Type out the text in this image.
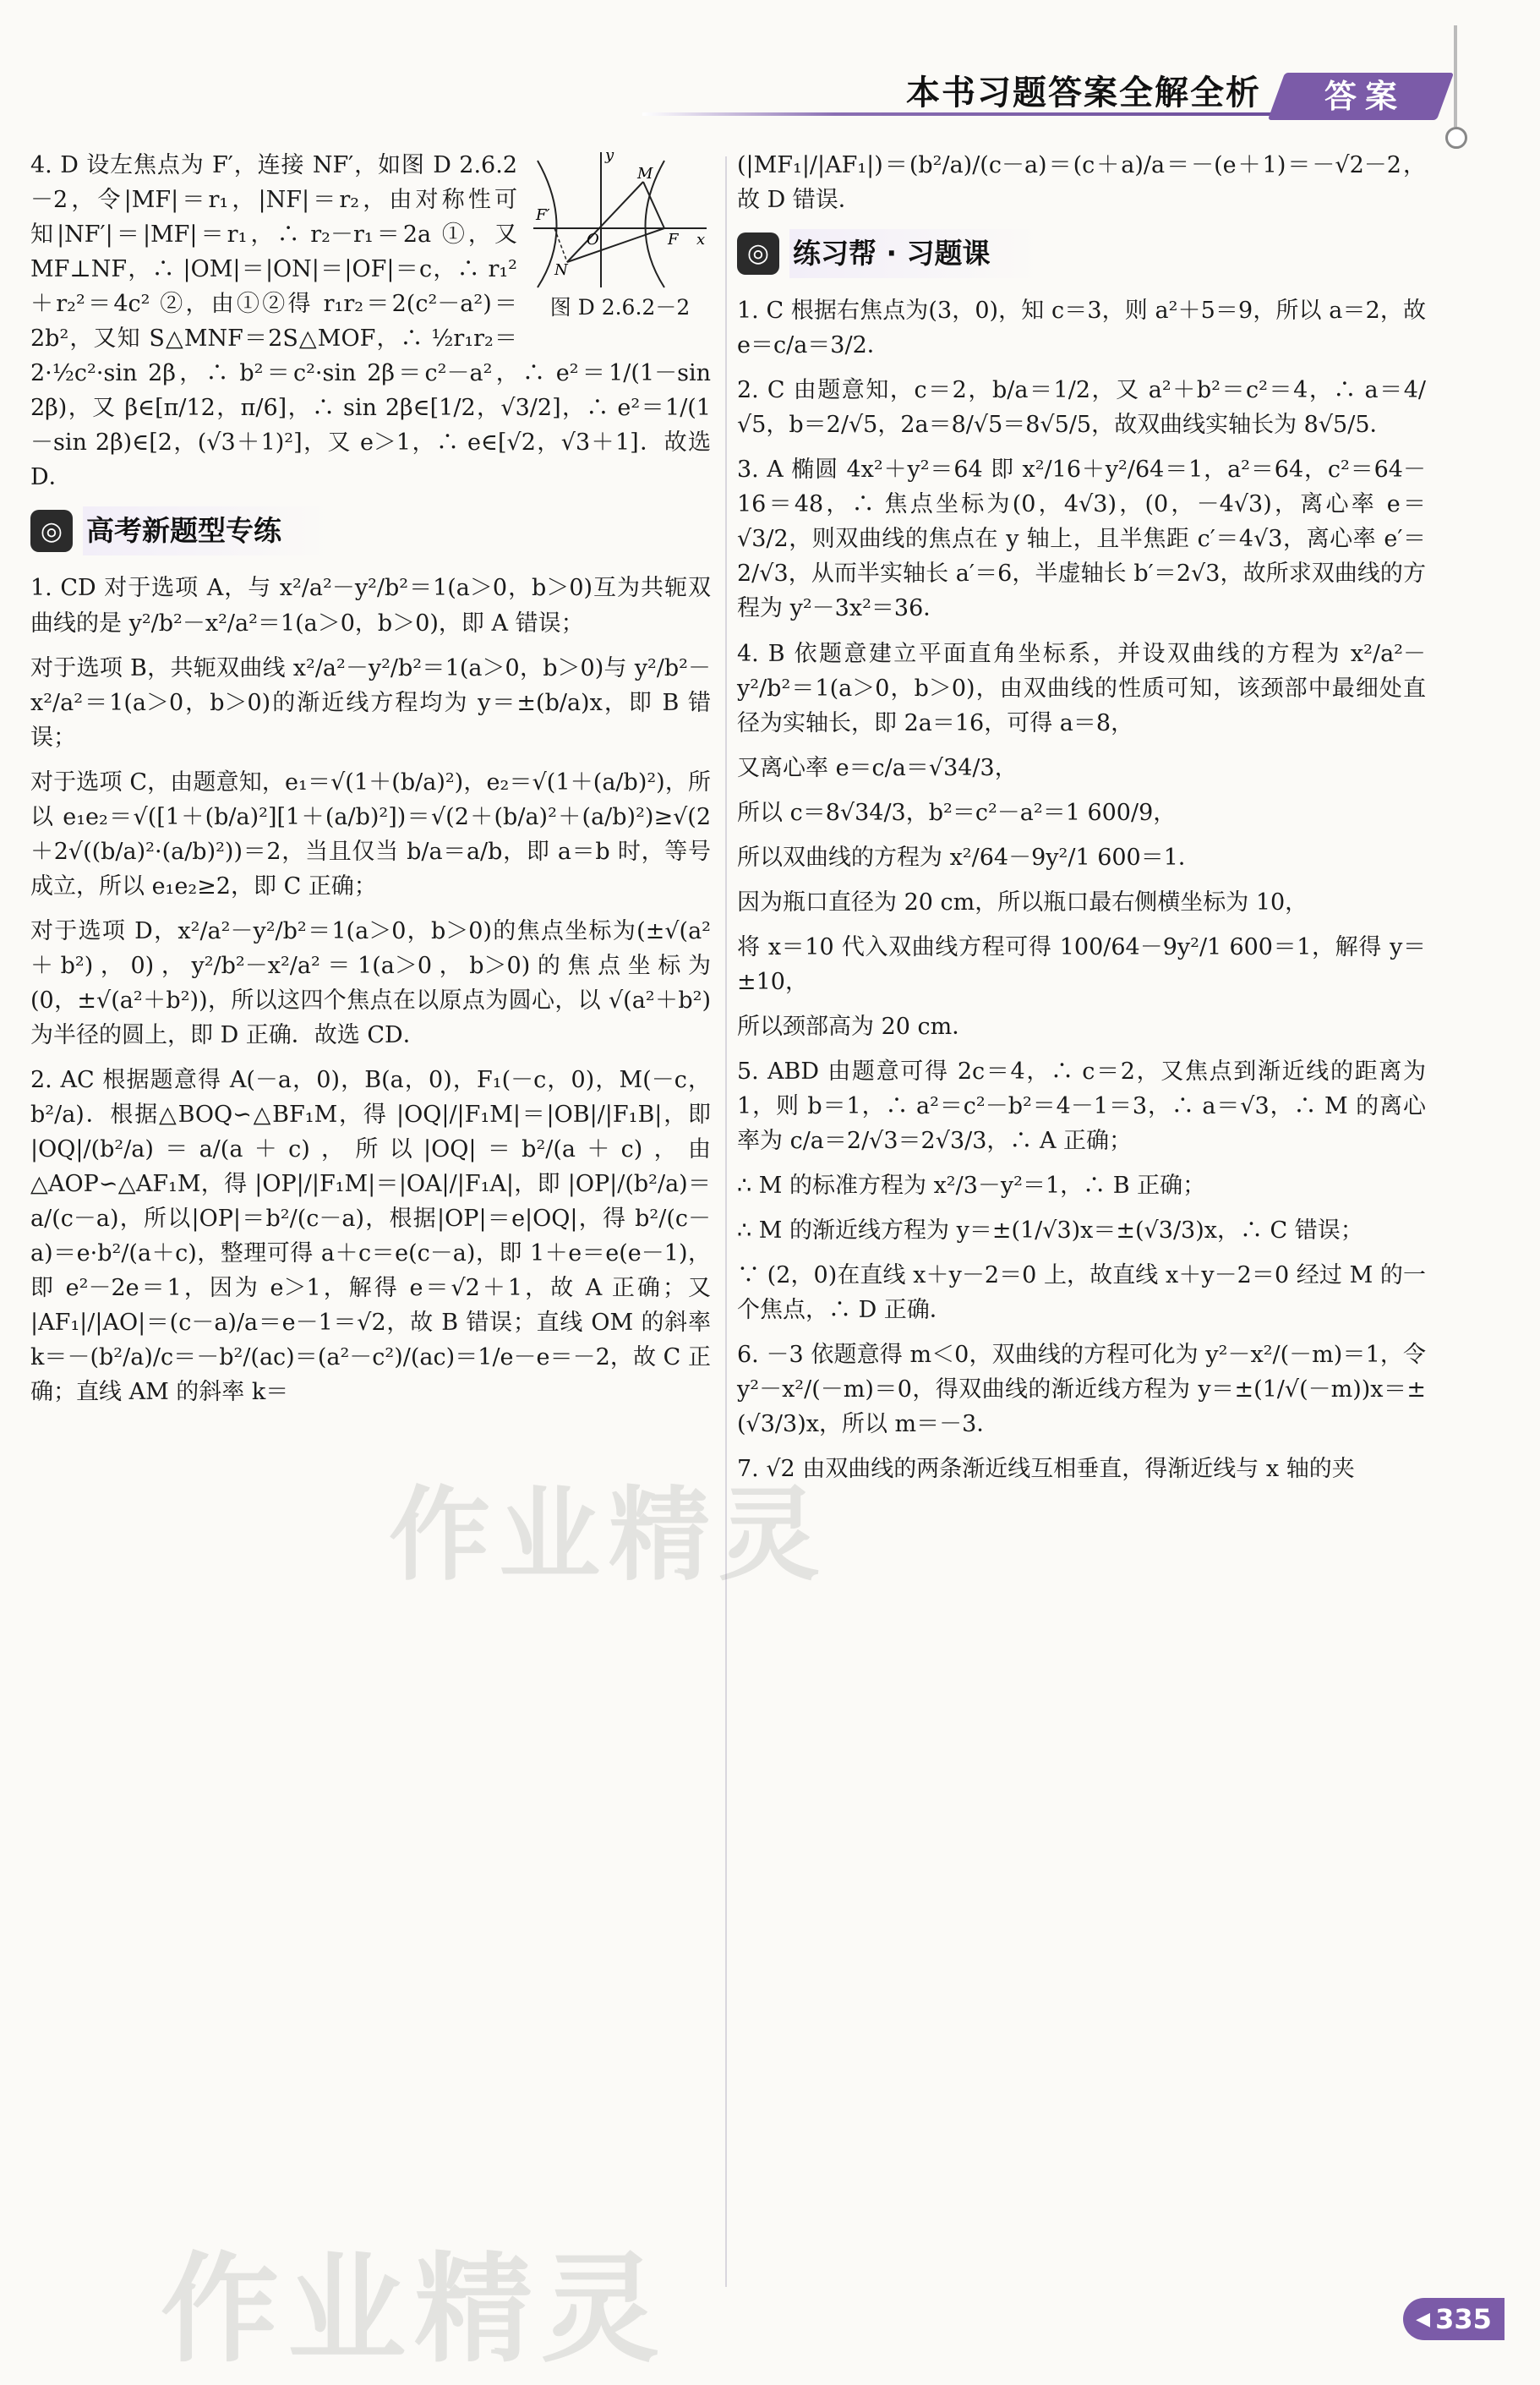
本书习题答案全解全析	答案
y
M
F′
O	F x
N
图 D 2.6.2－2

4. D 设左焦点为 F′，连接 NF′，如图 D 2.6.2－2，令|MF|＝r₁，|NF|＝r₂，由对称性可知|NF′|＝|MF|＝r₁，∴ r₂－r₁＝2a ①，又 MF⊥NF，∴ |OM|＝|ON|＝|OF|＝c，∴ r₁²＋r₂²＝4c² ②，由①②得 r₁r₂＝2(c²－a²)＝2b²，又知 S△MNF＝2S△MOF，∴ ½r₁r₂＝2·½c²·sin 2β，∴ b²＝c²·sin 2β＝c²－a²，∴ e²＝1/(1－sin 2β)，又 β∈[π/12，π/6]，∴ sin 2β∈[1/2，√3/2]，∴ e²＝1/(1－sin 2β)∈[2，(√3＋1)²]，又 e＞1，∴ e∈[√2，√3＋1]．故选 D．

◎ 高考新题型专练

1. CD 对于选项 A，与 x²/a²－y²/b²＝1(a＞0，b＞0)互为共轭双曲线的是 y²/b²－x²/a²＝1(a＞0，b＞0)，即 A 错误；

对于选项 B，共轭双曲线 x²/a²－y²/b²＝1(a＞0，b＞0)与 y²/b²－x²/a²＝1(a＞0，b＞0)的渐近线方程均为 y＝±(b/a)x，即 B 错误；

对于选项 C，由题意知，e₁＝√(1＋(b/a)²)，e₂＝√(1＋(a/b)²)，所以 e₁e₂＝√([1＋(b/a)²][1＋(a/b)²])＝√(2＋(b/a)²＋(a/b)²)≥√(2＋2√((b/a)²·(a/b)²))＝2，当且仅当 b/a＝a/b，即 a＝b 时，等号成立，所以 e₁e₂≥2，即 C 正确；

对于选项 D，x²/a²－y²/b²＝1(a＞0，b＞0)的焦点坐标为(±√(a²＋b²)，0)，y²/b²－x²/a²＝1(a＞0，b＞0)的焦点坐标为(0，±√(a²＋b²))，所以这四个焦点在以原点为圆心，以 √(a²＋b²) 为半径的圆上，即 D 正确．故选 CD．

2. AC 根据题意得 A(－a，0)，B(a，0)，F₁(－c，0)，M(－c，b²/a)．根据△BOQ∽△BF₁M，得 |OQ|/|F₁M|＝|OB|/|F₁B|，即 |OQ|/(b²/a)＝a/(a＋c)，所以|OQ|＝b²/(a＋c)，由△AOP∽△AF₁M，得 |OP|/|F₁M|＝|OA|/|F₁A|，即 |OP|/(b²/a)＝a/(c－a)，所以|OP|＝b²/(c－a)，根据|OP|＝e|OQ|，得 b²/(c－a)＝e·b²/(a＋c)，整理可得 a＋c＝e(c－a)，即 1＋e＝e(e－1)，即 e²－2e＝1，因为 e＞1，解得 e＝√2＋1，故 A 正确；又 |AF₁|/|AO|＝(c－a)/a＝e－1＝√2，故 B 错误；直线 OM 的斜率 k＝－(b²/a)/c＝－b²/(ac)＝(a²－c²)/(ac)＝1/e－e＝－2，故 C 正确；直线 AM 的斜率 k＝

(|MF₁|/|AF₁|)＝(b²/a)/(c－a)＝(c＋a)/a＝－(e＋1)＝－√2－2，故 D 错误．

◎ 练习帮 · 习题课

1. C 根据右焦点为(3，0)，知 c＝3，则 a²＋5＝9，所以 a＝2，故 e＝c/a＝3/2．

2. C 由题意知，c＝2，b/a＝1/2，又 a²＋b²＝c²＝4，∴ a＝4/√5，b＝2/√5，2a＝8/√5＝8√5/5，故双曲线实轴长为 8√5/5．

3. A 椭圆 4x²＋y²＝64 即 x²/16＋y²/64＝1，a²＝64，c²＝64－16＝48，∴ 焦点坐标为(0，4√3)，(0，－4√3)，离心率 e＝√3/2，则双曲线的焦点在 y 轴上，且半焦距 c′＝4√3，离心率 e′＝2/√3，从而半实轴长 a′＝6，半虚轴长 b′＝2√3，故所求双曲线的方程为 y²－3x²＝36．

4. B 依题意建立平面直角坐标系，并设双曲线的方程为 x²/a²－y²/b²＝1(a＞0，b＞0)，由双曲线的性质可知，该颈部中最细处直径为实轴长，即 2a＝16，可得 a＝8，

又离心率 e＝c/a＝√34/3，

所以 c＝8√34/3，b²＝c²－a²＝1 600/9，

所以双曲线的方程为 x²/64－9y²/1 600＝1．

因为瓶口直径为 20 cm，所以瓶口最右侧横坐标为 10，

将 x＝10 代入双曲线方程可得 100/64－9y²/1 600＝1，解得 y＝±10，

所以颈部高为 20 cm．

5. ABD 由题意可得 2c＝4，∴ c＝2，又焦点到渐近线的距离为 1，则 b＝1，∴ a²＝c²－b²＝4－1＝3，∴ a＝√3，∴ M 的离心率为 c/a＝2/√3＝2√3/3，∴ A 正确；

∴ M 的标准方程为 x²/3－y²＝1，∴ B 正确；

∴ M 的渐近线方程为 y＝±(1/√3)x＝±(√3/3)x，∴ C 错误；

∵ (2，0)在直线 x＋y－2＝0 上，故直线 x＋y－2＝0 经过 M 的一个焦点，∴ D 正确．

6. －3 依题意得 m＜0，双曲线的方程可化为 y²－x²/(－m)＝1，令 y²－x²/(－m)＝0，得双曲线的渐近线方程为 y＝±(1/√(－m))x＝±(√3/3)x，所以 m＝－3．

7. √2 由双曲线的两条渐近线互相垂直，得渐近线与 x 轴的夹

作业精灵
作业精灵	◀ 335
